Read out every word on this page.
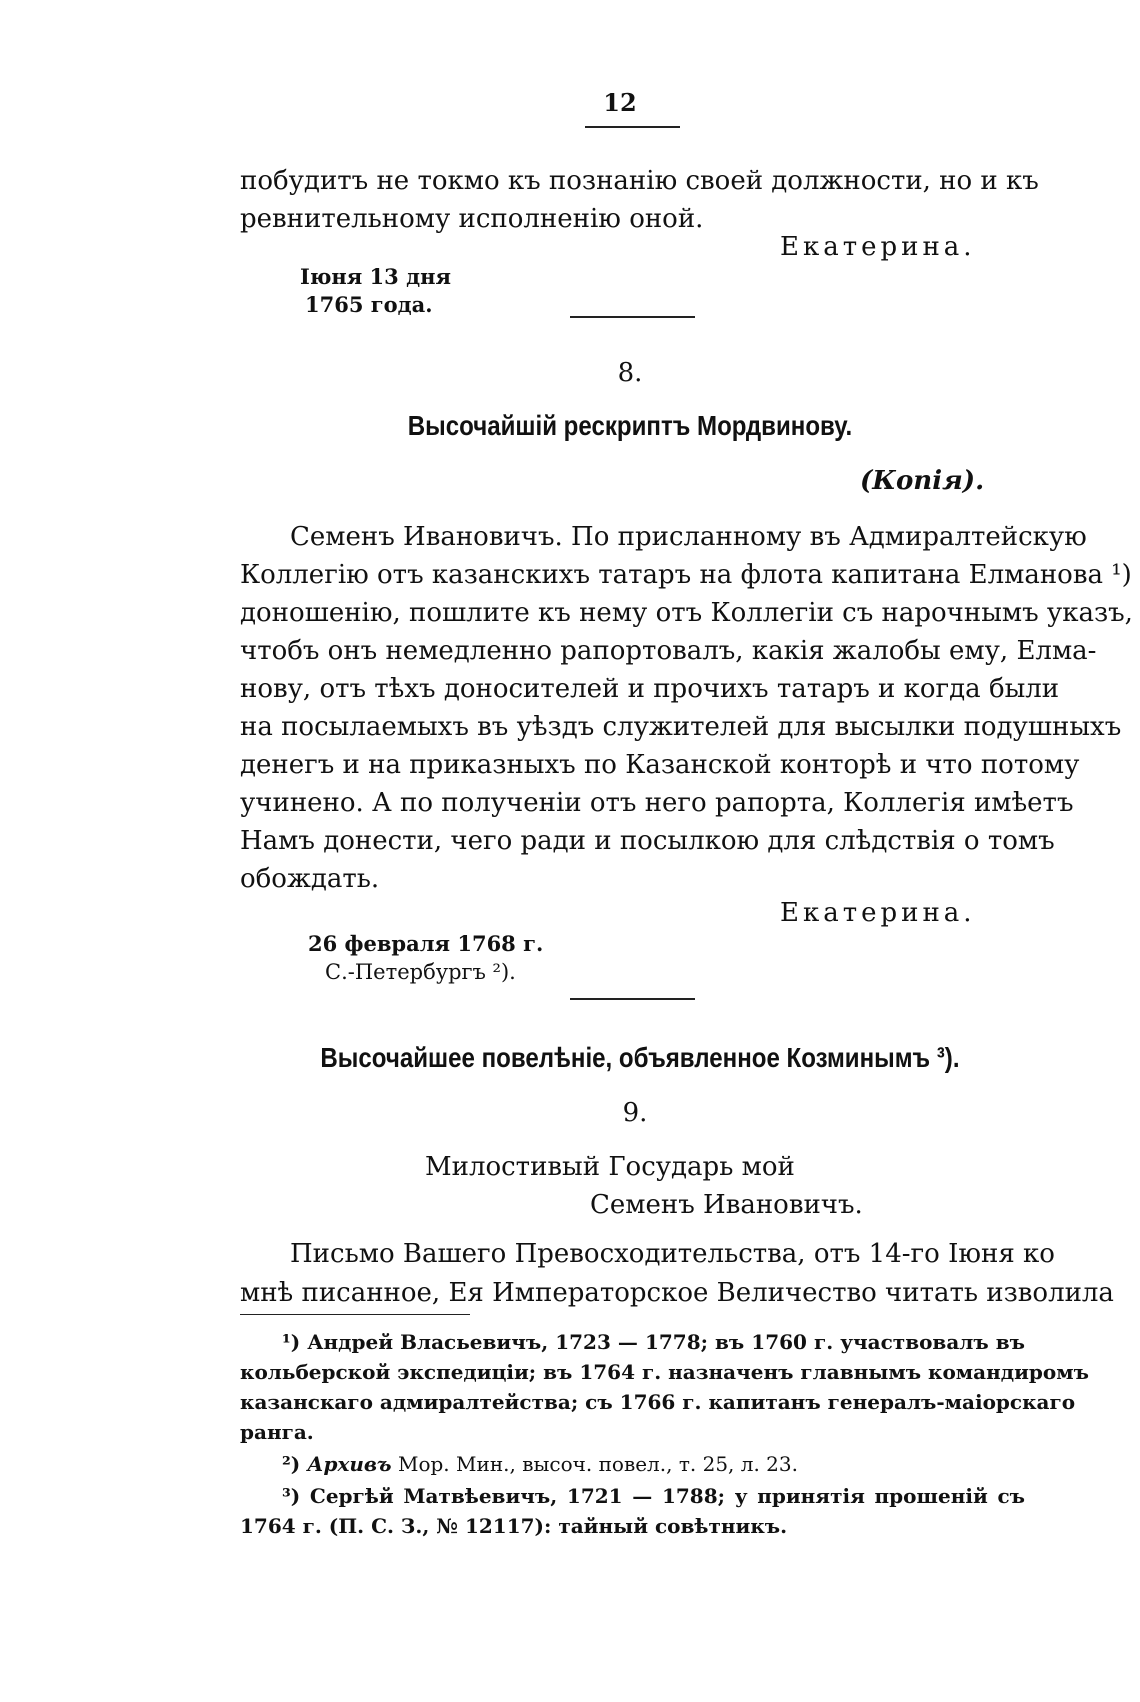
12
побудитъ не токмо къ познанію своей должности, но и къ
ревнительному исполненію оной.
Екатерина.
Іюня 13 дня
1765 года.
8.
Высочайшій рескриптъ Мордвинову.
(Копія).
Семенъ Ивановичъ. По присланному въ Адмиралтейскую
Коллегію отъ казанскихъ татаръ на флота капитана Елманова ¹)
доношенію, пошлите къ нему отъ Коллегіи съ нарочнымъ указъ,
чтобъ онъ немедленно рапортовалъ, какія жалобы ему, Елма-
нову, отъ тѣхъ доносителей и прочихъ татаръ и когда были
на посылаемыхъ въ уѣздъ служителей для высылки подушныхъ
денегъ и на приказныхъ по Казанской конторѣ и что потому
учинено. А по полученіи отъ него рапорта, Коллегія имѣетъ
Намъ донести, чего ради и посылкою для слѣдствія о томъ
обождать.
Екатерина.
26 февраля 1768 г.
С.-Петербургъ ²).
Высочайшее повелѣніе, объявленное Козминымъ ³).
9.
Милостивый Государь мой
Семенъ Ивановичъ.
Письмо Вашего Превосходительства, отъ 14-го Іюня ко
мнѣ писанное, Ея Императорское Величество читать изволила
¹) Андрей Власьевичъ, 1723 — 1778; въ 1760 г. участвовалъ въ
кольберской экспедиціи; въ 1764 г. назначенъ главнымъ командиромъ
казанскаго адмиралтейства; съ 1766 г. капитанъ генералъ-маіорскаго
ранга.
²) Архивъ Мор. Мин., высоч. повел., т. 25, л. 23.
³) Сергѣй Матвѣевичъ, 1721 — 1788; у принятія прошеній съ
1764 г. (П. С. З., № 12117): тайный совѣтникъ.
